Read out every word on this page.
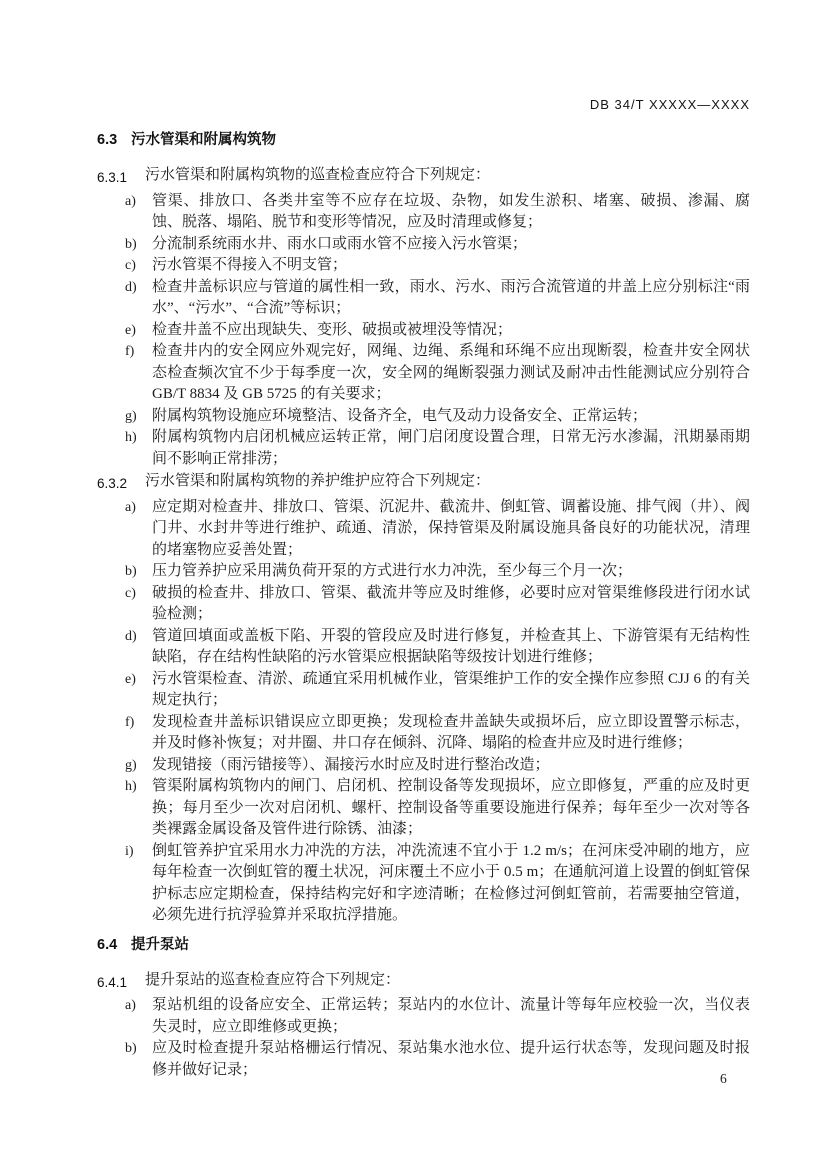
DB 34/T XXXXX—XXXX
6.3 污水管渠和附属构筑物
6.3.1	污水管渠和附属构筑物的巡查检查应符合下列规定：
a)	管渠、排放口、各类井室等不应存在垃圾、杂物，如发生淤积、堵塞、破损、渗漏、腐蚀、脱落、塌陷、脱节和变形等情况，应及时清理或修复；
b)	分流制系统雨水井、雨水口或雨水管不应接入污水管渠；
c)	污水管渠不得接入不明支管；
d)	检查井盖标识应与管道的属性相一致，雨水、污水、雨污合流管道的井盖上应分别标注“雨水”、“污水”、“合流”等标识；
e)	检查井盖不应出现缺失、变形、破损或被埋没等情况；
f)	检查井内的安全网应外观完好，网绳、边绳、系绳和环绳不应出现断裂，检查井安全网状态检查频次宜不少于每季度一次，安全网的绳断裂强力测试及耐冲击性能测试应分别符合 GB/T 8834 及 GB 5725 的有关要求；
g)	附属构筑物设施应环境整洁、设备齐全，电气及动力设备安全、正常运转；
h)	附属构筑物内启闭机械应运转正常，闸门启闭度设置合理，日常无污水渗漏，汛期暴雨期间不影响正常排涝；
6.3.2	污水管渠和附属构筑物的养护维护应符合下列规定：
a)	应定期对检查井、排放口、管渠、沉泥井、截流井、倒虹管、调蓄设施、排气阀（井）、阀门井、水封井等进行维护、疏通、清淤，保持管渠及附属设施具备良好的功能状况，清理的堵塞物应妥善处置；
b)	压力管养护应采用满负荷开泵的方式进行水力冲洗，至少每三个月一次；
c)	破损的检查井、排放口、管渠、截流井等应及时维修，必要时应对管渠维修段进行闭水试验检测；
d)	管道回填面或盖板下陷、开裂的管段应及时进行修复，并检查其上、下游管渠有无结构性缺陷，存在结构性缺陷的污水管渠应根据缺陷等级按计划进行维修；
e)	污水管渠检查、清淤、疏通宜采用机械作业，管渠维护工作的安全操作应参照 CJJ 6 的有关规定执行；
f)	发现检查井盖标识错误应立即更换；发现检查井盖缺失或损坏后，应立即设置警示标志，并及时修补恢复；对井圈、井口存在倾斜、沉降、塌陷的检查井应及时进行维修；
g)	发现错接（雨污错接等）、漏接污水时应及时进行整治改造；
h)	管渠附属构筑物内的闸门、启闭机、控制设备等发现损坏，应立即修复，严重的应及时更换；每月至少一次对启闭机、螺杆、控制设备等重要设施进行保养；每年至少一次对等各类裸露金属设备及管件进行除锈、油漆；
i)	倒虹管养护宜采用水力冲洗的方法，冲洗流速不宜小于 1.2 m/s；在河床受冲刷的地方，应每年检查一次倒虹管的覆土状况，河床覆土不应小于 0.5 m；在通航河道上设置的倒虹管保护标志应定期检查，保持结构完好和字迹清晰；在检修过河倒虹管前，若需要抽空管道，必须先进行抗浮验算并采取抗浮措施。
6.4 提升泵站
6.4.1	提升泵站的巡查检查应符合下列规定：
a)	泵站机组的设备应安全、正常运转；泵站内的水位计、流量计等每年应校验一次，当仪表失灵时，应立即维修或更换；
b)	应及时检查提升泵站格栅运行情况、泵站集水池水位、提升运行状态等，发现问题及时报修并做好记录；
6
